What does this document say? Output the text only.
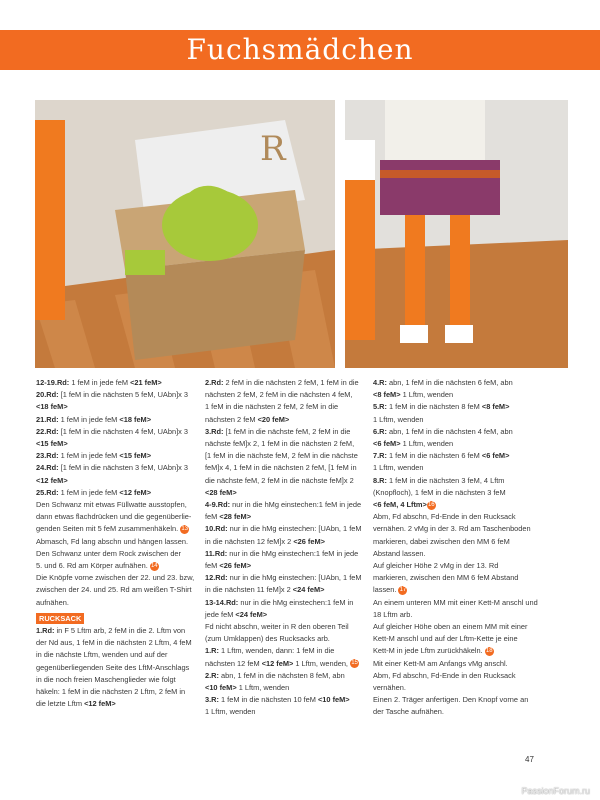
Fuchsmädchen
R
12-19.Rd: 1 feM in jede feM <21 feM>
20.Rd: [1 feM in die nächsten 5 feM, UAbn]x 3
<18 feM>
21.Rd: 1 feM in jede feM <18 feM>
22.Rd: [1 feM in die nächsten 4 feM, UAbn]x 3
<15 feM>
23.Rd: 1 feM in jede feM <15 feM>
24.Rd: [1 feM in die nächsten 3 feM, UAbn]x 3
<12 feM>
25.Rd: 1 feM in jede feM <12 feM>
Den Schwanz mit etwas Füllwatte ausstopfen,
dann etwas flachdrücken und die gegenüberlie-
genden Seiten mit 5 feM zusammenhäkeln. 13
Abmasch, Fd lang abschn und hängen lassen.
Den Schwanz unter dem Rock zwischen der
5. und 6. Rd am Körper aufnähen. 14
Die Knöpfe vorne zwischen der 22. und 23. bzw,
zwischen der 24. und 25. Rd am weißen T-Shirt
aufnähen.
RUCKSACK
1.Rd: in F 5 Lftm arb, 2 feM in die 2. Lftm von
der Nd aus, 1 feM in die nächsten 2 Lftm, 4 feM
in die nächste Lftm, wenden und auf der
gegenüberliegenden Seite des LftM-Anschlags
in die noch freien Maschenglieder wie folgt
häkeln: 1 feM in die nächsten 2 Lftm, 2 feM in
die letzte Lftm <12 feM>
2.Rd: 2 feM in die nächsten 2 feM, 1 feM in die
nächsten 2 feM, 2 feM in die nächsten 4 feM,
1 feM in die nächsten 2 feM, 2 feM in die
nächsten 2 feM <20 feM>
3.Rd: [1 feM in die nächste feM, 2 feM in die
nächste feM]x 2, 1 feM in die nächsten 2 feM,
[1 feM in die nächste feM, 2 feM in die nächste
feM]x 4, 1 feM in die nächsten 2 feM, [1 feM in
die nächste feM, 2 feM in die nächste feM]x 2
<28 feM>
4-9.Rd: nur in die hMg einstechen:1 feM in jede
feM <28 feM>
10.Rd: nur in die hMg einstechen: [UAbn, 1 feM
in die nächsten 12 feM]x 2 <26 feM>
11.Rd: nur in die hMg einstechen:1 feM in jede
feM <26 feM>
12.Rd: nur in die hMg einstechen: [UAbn, 1 feM
in die nächsten 11 feM]x 2 <24 feM>
13-14.Rd: nur in die hMg einstechen:1 feM in
jede feM <24 feM>
Fd nicht abschn, weiter in R den oberen Teil
(zum Umklappen) des Rucksacks arb.
1.R: 1 Lftm, wenden, dann: 1 feM in die
nächsten 12 feM <12 feM> 1 Lftm, wenden, 15
2.R: abn, 1 feM in die nächsten 8 feM, abn
<10 feM> 1 Lftm, wenden
3.R: 1 feM in die nächsten 10 feM <10 feM>
1 Lftm, wenden
4.R: abn, 1 feM in die nächsten 6 feM, abn
<8 feM> 1 Lftm, wenden
5.R: 1 feM in die nächsten 8 feM <8 feM>
1 Lftm, wenden
6.R: abn, 1 feM in die nächsten 4 feM, abn
<6 feM> 1 Lftm, wenden
7.R: 1 feM in die nächsten 6 feM <6 feM>
1 Lftm, wenden
8.R: 1 feM in die nächsten 3 feM, 4 Lftm
(Knopfloch), 1 feM in die nächsten 3 feM
<6 feM, 4 Lftm>16
Abm, Fd abschn, Fd-Ende in den Rucksack
vernähen. 2 vMg in der 3. Rd am Taschenboden
markieren, dabei zwischen den MM 6 feM
Abstand lassen.
Auf gleicher Höhe 2 vMg in der 13. Rd
markieren, zwischen den MM 6 feM Abstand
lassen. 17
An einem unteren MM mit einer Kett-M anschl und
18 Lftm arb.
Auf gleicher Höhe oben an einem MM mit einer
Kett-M anschl und auf der Lftm-Kette je eine
Kett-M in jede Lftm zurückhäkeln. 18
Mit einer Kett-M am Anfangs vMg anschl.
Abm, Fd abschn, Fd-Ende in den Rucksack
vernähen.
Einen 2. Träger anfertigen. Den Knopf vorne an
der Tasche aufnähen.
47
PassionForum.ru
